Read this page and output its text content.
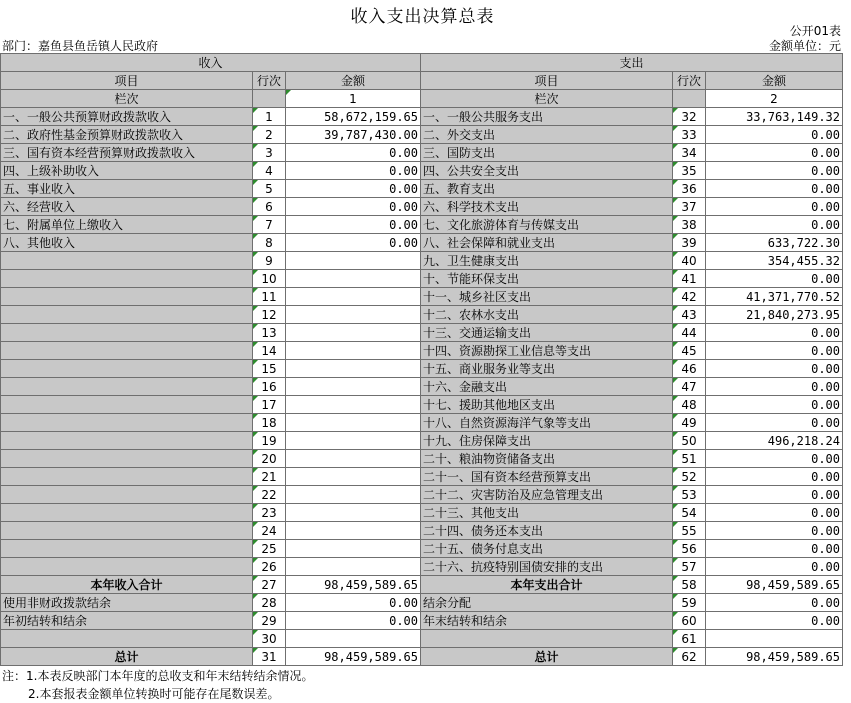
收入支出决算总表
公开01表
部门：嘉鱼县鱼岳镇人民政府	金额单位：元
收入			支出		
项目	行次	金额	项目	行次	金额
栏次		1	栏次		2
一、一般公共预算财政拨款收入	1	58,672,159.65	一、一般公共服务支出	32	33,763,149.32
二、政府性基金预算财政拨款收入	2	39,787,430.00	二、外交支出	33	0.00
三、国有资本经营预算财政拨款收入	3	0.00	三、国防支出	34	0.00
四、上级补助收入	4	0.00	四、公共安全支出	35	0.00
五、事业收入	5	0.00	五、教育支出	36	0.00
六、经营收入	6	0.00	六、科学技术支出	37	0.00
七、附属单位上缴收入	7	0.00	七、文化旅游体育与传媒支出	38	0.00
八、其他收入	8	0.00	八、社会保障和就业支出	39	633,722.30
	9		九、卫生健康支出	40	354,455.32
	10		十、节能环保支出	41	0.00
	11		十一、城乡社区支出	42	41,371,770.52
	12		十二、农林水支出	43	21,840,273.95
	13		十三、交通运输支出	44	0.00
	14		十四、资源勘探工业信息等支出	45	0.00
	15		十五、商业服务业等支出	46	0.00
	16		十六、金融支出	47	0.00
	17		十七、援助其他地区支出	48	0.00
	18		十八、自然资源海洋气象等支出	49	0.00
	19		十九、住房保障支出	50	496,218.24
	20		二十、粮油物资储备支出	51	0.00
	21		二十一、国有资本经营预算支出	52	0.00
	22		二十二、灾害防治及应急管理支出	53	0.00
	23		二十三、其他支出	54	0.00
	24		二十四、债务还本支出	55	0.00
	25		二十五、债务付息支出	56	0.00
	26		二十六、抗疫特别国债安排的支出	57	0.00
本年收入合计	27	98,459,589.65	本年支出合计	58	98,459,589.65
使用非财政拨款结余	28	0.00	结余分配	59	0.00
年初结转和结余	29	0.00	年末结转和结余	60	0.00
	30			61	
总计	31	98,459,589.65	总计	62	98,459,589.65
注：1.本表反映部门本年度的总收支和年末结转结余情况。
2.本套报表金额单位转换时可能存在尾数误差。
